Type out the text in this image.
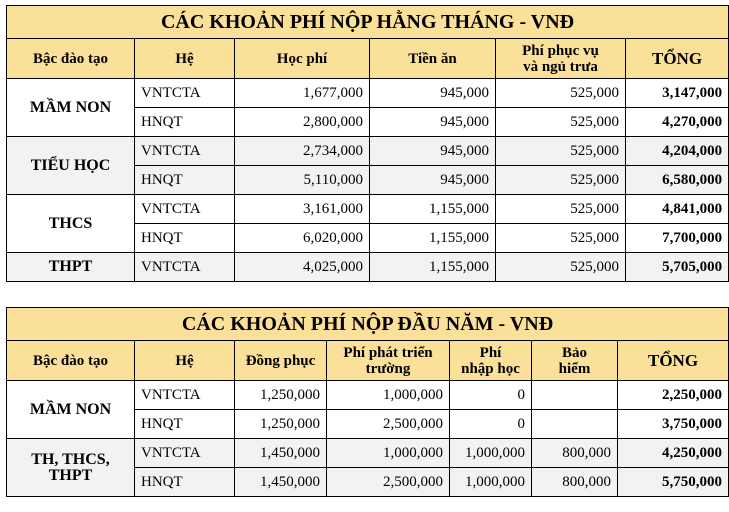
CÁC KHOẢN PHÍ NỘP HẰNG THÁNG - VNĐ					
Bậc đào tạo	Hệ	Học phí	Tiền ăn	Phí phục vụ
và ngủ trưa	TỔNG
MẦM NON	VNTCTA	1,677,000	945,000	525,000	3,147,000
	HNQT	2,800,000	945,000	525,000	4,270,000
TIỂU HỌC	VNTCTA	2,734,000	945,000	525,000	4,204,000
	HNQT	5,110,000	945,000	525,000	6,580,000
THCS	VNTCTA	3,161,000	1,155,000	525,000	4,841,000
	HNQT	6,020,000	1,155,000	525,000	7,700,000
THPT	VNTCTA	4,025,000	1,155,000	525,000	5,705,000
CÁC KHOẢN PHÍ NỘP ĐẦU NĂM - VNĐ						
Bậc đào tạo	Hệ	Đồng phục	Phí phát triển
trường	Phí
nhập học	Bảo
hiểm	TỔNG
MẦM NON	VNTCTA	1,250,000	1,000,000	0		2,250,000
	HNQT	1,250,000	2,500,000	0		3,750,000
TH, THCS,
THPT	VNTCTA	1,450,000	1,000,000	1,000,000	800,000	4,250,000
	HNQT	1,450,000	2,500,000	1,000,000	800,000	5,750,000
